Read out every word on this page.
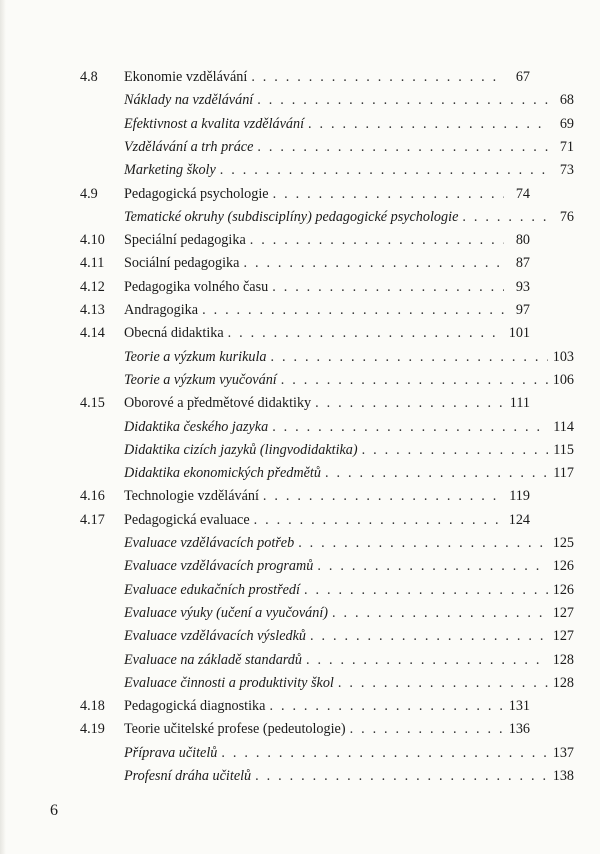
4.8	Ekonomie vzdělávání . . .	67
Náklady na vzdělávání . . .	68
Efektivnost a kvalita vzdělávání . . .	69
Vzdělávání a trh práce . . .	71
Marketing školy . . .	73
4.9	Pedagogická psychologie . . .	74
Tematické okruhy (subdisciplíny) pedagogické psychologie . . .	76
4.10	Speciální pedagogika . . .	80
4.11	Sociální pedagogika . . .	87
4.12	Pedagogika volného času . . .	93
4.13	Andragogika . . .	97
4.14	Obecná didaktika . . .	101
Teorie a výzkum kurikula . . .	103
Teorie a výzkum vyučování . . .	106
4.15	Oborové a předmětové didaktiky . . .	111
Didaktika českého jazyka . . .	114
Didaktika cizích jazyků (lingvodidaktika) . . .	115
Didaktika ekonomických předmětů . . .	117
4.16	Technologie vzdělávání . . .	119
4.17	Pedagogická evaluace . . .	124
Evaluace vzdělávacích potřeb . . .	125
Evaluace vzdělávacích programů . . .	126
Evaluace edukačních prostředí . . .	126
Evaluace výuky (učení a vyučování) . . .	127
Evaluace vzdělávacích výsledků . . .	127
Evaluace na základě standardů . . .	128
Evaluace činnosti a produktivity škol . . .	128
4.18	Pedagogická diagnostika . . .	131
4.19	Teorie učitelské profese (pedeutologie) . . .	136
Příprava učitelů . . .	137
Profesní dráha učitelů . . .	138
6
